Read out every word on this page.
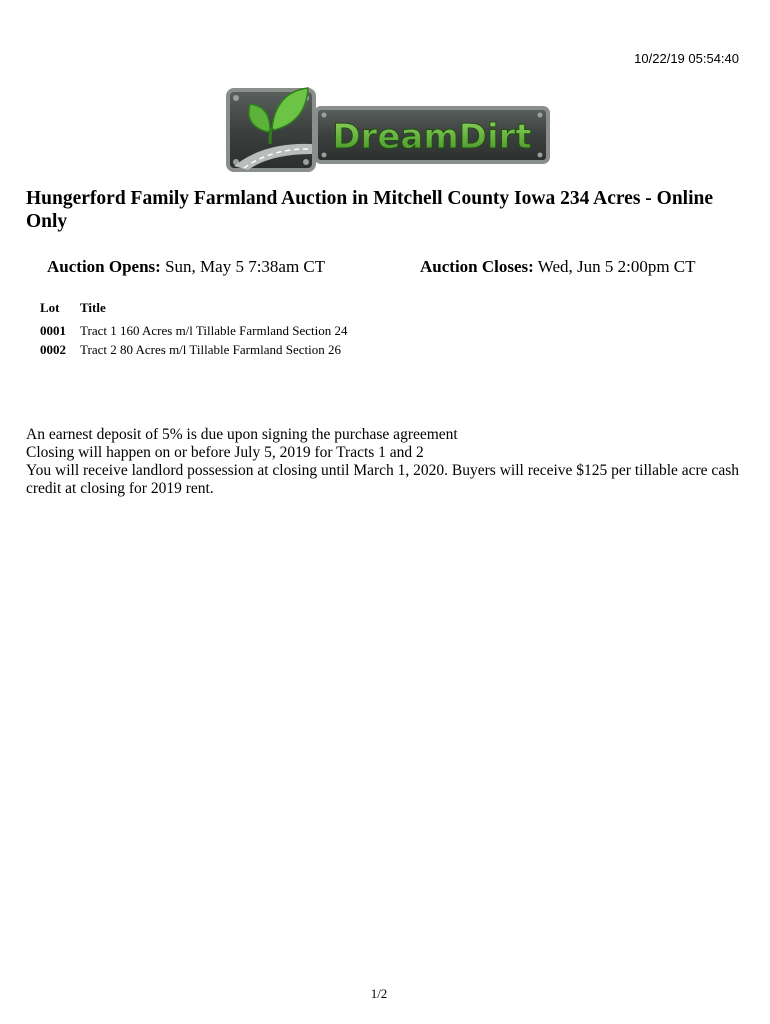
10/22/19 05:54:40
DreamDirt
Hungerford Family Farmland Auction in Mitchell County Iowa 234 Acres - Online Only
Auction Opens: Sun, May 5 7:38am CT	Auction Closes: Wed, Jun 5 2:00pm CT
Lot	Title
0001	Tract 1 160 Acres m/l Tillable Farmland Section 24
0002	Tract 2 80 Acres m/l Tillable Farmland Section 26
An earnest deposit of 5% is due upon signing the purchase agreement
Closing will happen on or before July 5, 2019 for Tracts 1 and 2
You will receive landlord possession at closing until March 1, 2020. Buyers will receive $125 per tillable acre cash credit at closing for 2019 rent.
1/2
